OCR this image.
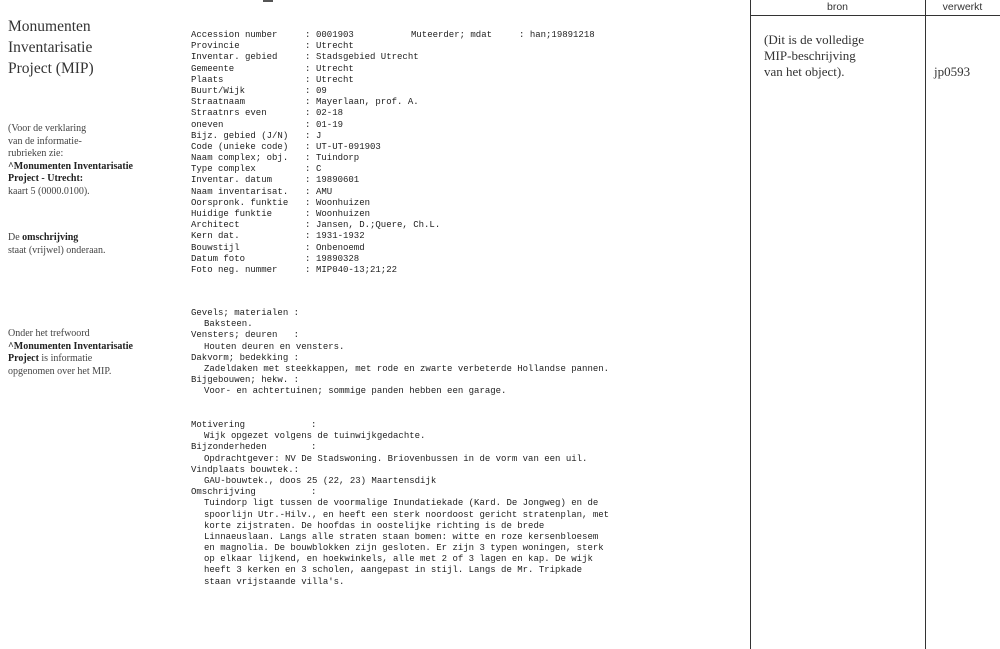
Monumenten
Inventarisatie
Project (MIP)
(Voor de verklaring
van de informatie-
rubrieken zie:
^Monumenten Inventarisatie
Project - Utrecht:
kaart 5 (0000.0100).
De omschrijving
staat (vrijwel) onderaan.
Onder het trefwoord
^Monumenten Inventarisatie
Project is informatie
opgenomen over het MIP.
Accession number	: 0001903	Muteerder; mdat     : han;19891218
Provincie	: Utrecht
Inventar. gebied	: Stadsgebied Utrecht
Gemeente	: Utrecht
Plaats	: Utrecht
Buurt/Wijk	: 09
Straatnaam	: Mayerlaan, prof. A.
Straatnrs even	: 02-18
oneven	: 01-19
Bijz. gebied (J/N) : J
Code (unieke code) : UT-UT-091903
Naam complex; obj. : Tuindorp
Type complex	: C
Inventar. datum	: 19890601
Naam inventarisat. : AMU
Oorspronk. funktie : Woonhuizen
Huidige funktie	: Woonhuizen
Architect	: Jansen, D.;Quere, Ch.L.
Kern dat.	: 1931-1932
Bouwstijl	: Onbenoemd
Datum foto	: 19890328
Foto neg. nummer	: MIP040-13;21;22
Gevels; materialen :
Baksteen.
Vensters; deuren   :
Houten deuren en vensters.
Dakvorm; bedekking :
Zadeldaken met steekkappen, met rode en zwarte verbeterde Hollandse pannen.
Bijgebouwen; hekw. :
Voor- en achtertuinen; sommige panden hebben een garage.
Motivering	:
Wijk opgezet volgens de tuinwijkgedachte.
Bijzonderheden	:
Opdrachtgever: NV De Stadswoning. Briovenbussen in de vorm van een uil.
Vindplaats bouwtek.:
GAU-bouwtek., doos 25 (22, 23) Maartensdijk
Omschrijving	:
Tuindorp ligt tussen de voormalige Inundatiekade (Kard. De Jongweg) en de
spoorlijn Utr.-Hilv., en heeft een sterk noordoost gericht stratenplan, met
korte zijstraten. De hoofdas in oostelijke richting is de brede
Linnaeuslaan. Langs alle straten staan bomen: witte en roze kersenbloesem
en magnolia. De bouwblokken zijn gesloten. Er zijn 3 typen woningen, sterk
op elkaar lijkend, en hoekwinkels, alle met 2 of 3 lagen en kap. De wijk
heeft 3 kerken en 3 scholen, aangepast in stijl. Langs de Mr. Tripkade
staan vrijstaande villa's.
bron	verwerkt
(Dit is de volledige
MIP-beschrijving
van het object).	jp0593
